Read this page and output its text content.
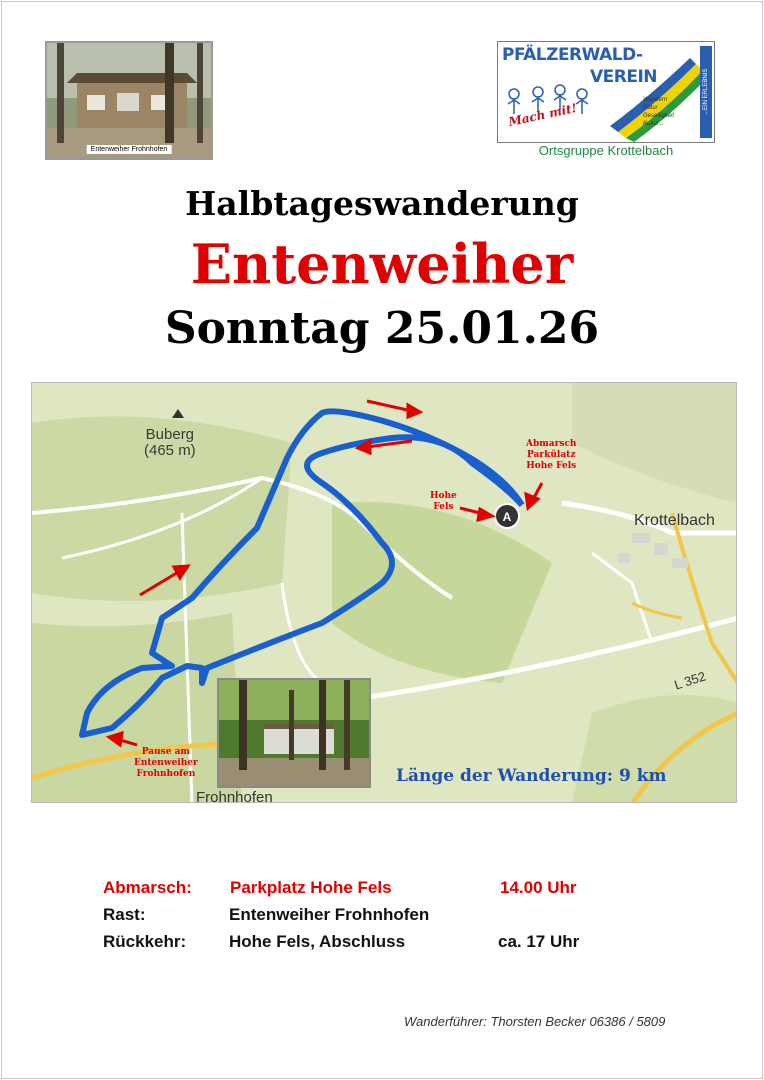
Entenweiher Frohnhofen
PFÄLZERWALD-
VEREIN
Mach mit!
Wandern
Natur
Geselligkeit
Kultur...
...EIN ERLEBNIS
Ortsgruppe Krottelbach
Halbtageswanderung
Entenweiher
Sonntag 25.01.26
A
Buberg
(465 m)
Krottelbach
Frohnhofen
L 352
Abmarsch
Parkülatz
Hohe Fels
Hohe
Fels
Pause am
Entenweiher
Frohnhofen	Länge der Wanderung: 9 km
Abmarsch: Parkplatz Hohe Fels	14.00 Uhr
Rast:	Entenweiher Frohnhofen
Rückkehr:	Hohe Fels, Abschluss	ca. 17 Uhr
Wanderführer: Thorsten Becker 06386 / 5809
